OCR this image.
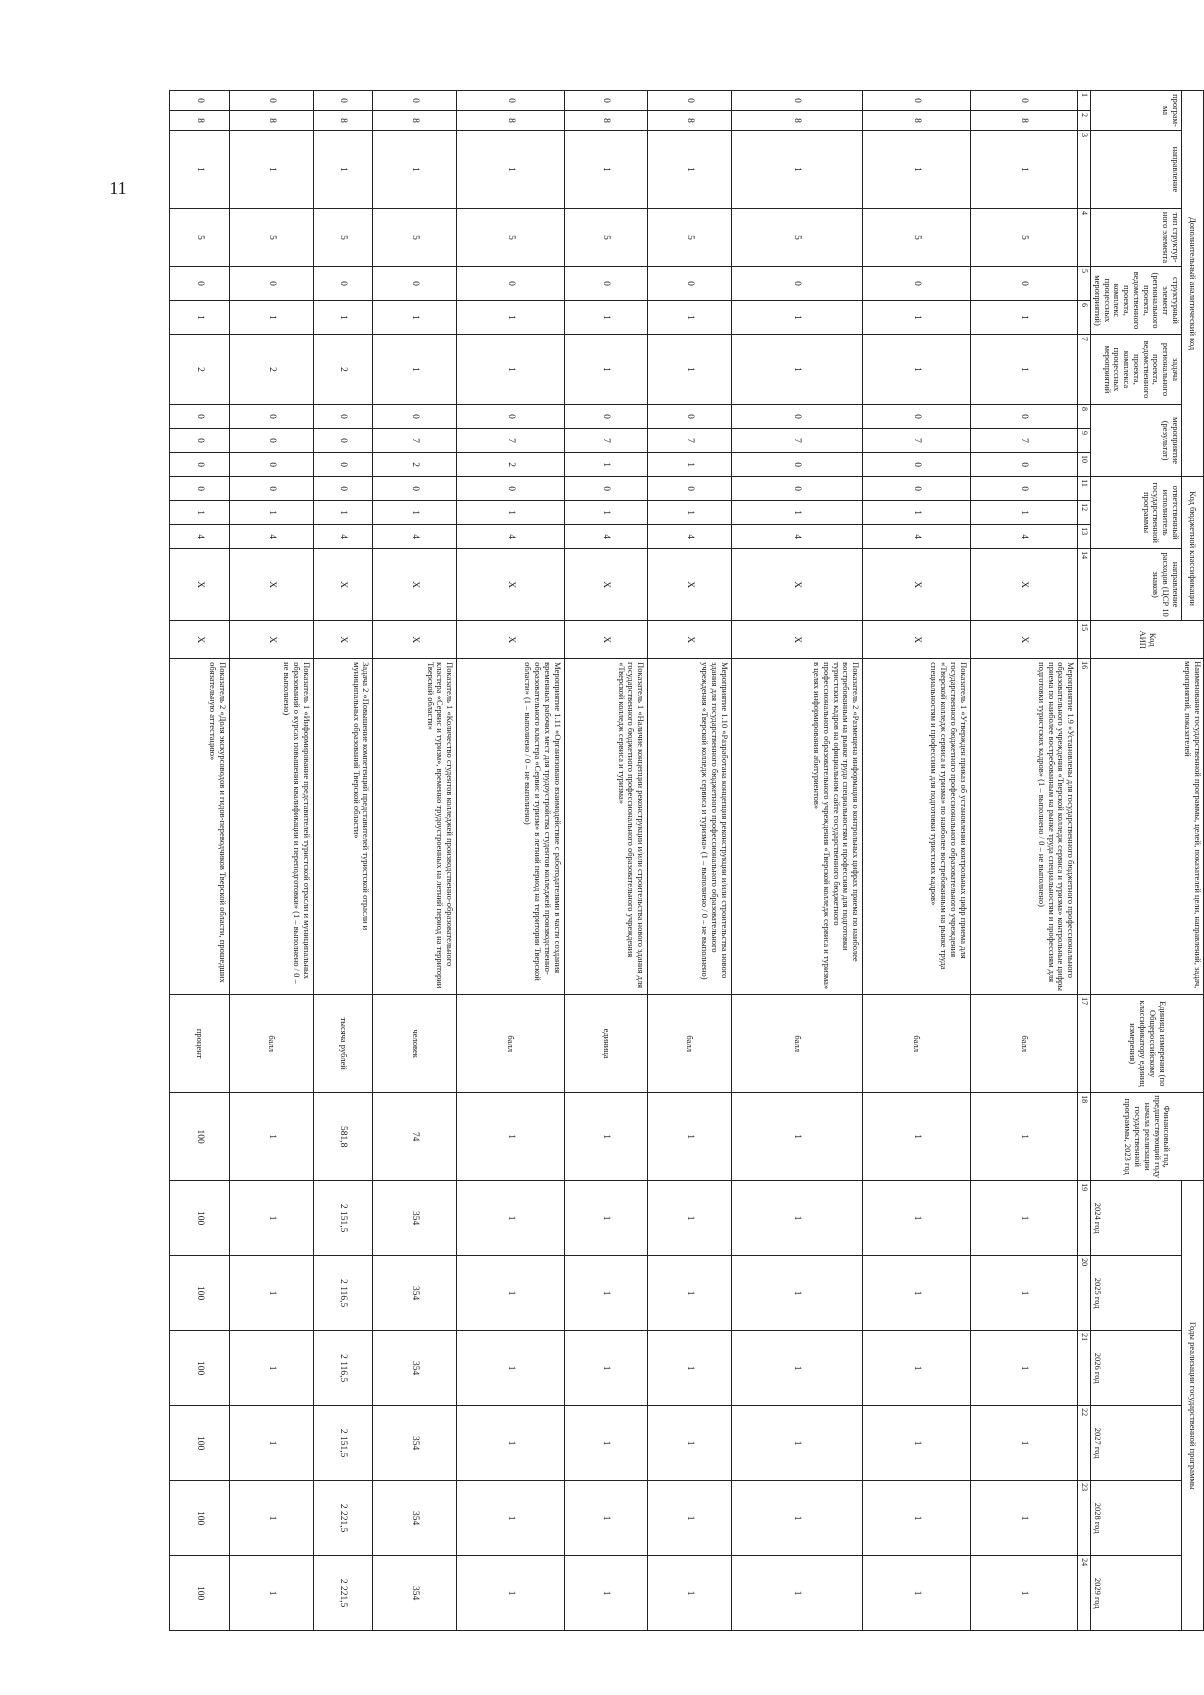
11
Дополнительный аналитический код										Код бюджетной классификации				Код АИП	Наименование государственной программы, целей, показателей цели, направлений, задач, мероприятий, показателей	Единица измерения (по Общероссийскому классификатору единиц измерения)	Финансовый год, предшествующий году начала реализации государственной программы, 2023 год	Годы реализации государственной программы					
програм-ма		направление	тип структур-ного элемента	структурный элемент (регионального проекта, ведомственного проекта, комплекс процессных мероприятий)		задача регионального проекта, ведомственного проекта, комплекса процессных мероприятий	мероприятие (результат)			ответственный исполнитель государственной программы			направление расходов (ЦСР 10 знаков)					2024 год	2025 год	2026 год	2027 год	2028 год	2029 год
1	2	3	4	5	6	7	8	9	10	11	12	13	14	15	16	17	18	19	20	21	22	23	24
0	8	1	5	0	1	1	0	7	0	0	1	4	X	X	Мероприятие 1.9 «Установлены для государственного бюджетного профессионального образовательного учреждения «Тверской колледж сервиса и туризма» контрольные цифры приема по наиболее востребованным на рынке труда специальностям и профессиям для подготовки туристских кадров» (1 – выполнено / 0 – не выполнено)	балл	1	1	1	1	1	1	1
0	8	1	5	0	1	1	0	7	0	0	1	4	X	X	Показатель 1 «Утвержден приказ об установлении контрольных цифр приема для государственного бюджетного профессионального образовательного учреждения «Тверской колледж сервиса и туризма» по наиболее востребованным на рынке труда специальностям и профессиям для подготовки туристских кадров»	балл	1	1	1	1	1	1	1
0	8	1	5	0	1	1	0	7	0	0	1	4	X	X	Показатель 2 «Размещена информация о контрольных цифрах приема по наиболее востребованным на рынке труда специальностям и профессиям для подготовки туристских кадров на официальном сайте государственного бюджетного профессионального образовательного учреждения «Тверской колледж сервиса и туризма» в целях информирования абитуриентов»	балл	1	1	1	1	1	1	1
0	8	1	5	0	1	1	0	7	1	0	1	4	X	X	Мероприятие 1.10 «Разработана концепция реконструкции и/или строительства нового здания для государственного бюджетного профессионального образовательного учреждения «Тверской колледж сервиса и туризма» (1 – выполнено / 0 – не выполнено)	балл	1	1	1	1	1	1	1
0	8	1	5	0	1	1	0	7	1	0	1	4	X	X	Показатель 1 «Наличие концепции реконструкции и/или строительства нового здания для государственного бюджетного профессионального образовательного учреждения «Тверской колледж сервиса и туризма»	единица	1	1	1	1	1	1	1
0	8	1	5	0	1	1	0	7	2	0	1	4	X	X	Мероприятие 1.11 «Организовано взаимодействие с работодателями в части создания временных рабочих мест для трудоустройства студентов колледжей производственно-образовательного кластера «Сервис и туризм» в летний период на территории Тверской области» (1 – выполнено / 0 – не выполнено)	балл	1	1	1	1	1	1	1
0	8	1	5	0	1	1	0	7	2	0	1	4	X	X	Показатель 1 «Количество студентов колледжей производственно-образовательного кластера «Сервис и туризм», временно трудоустроенных на летний период на территории Тверской области»	человек	74	354	354	354	354	354	354
0	8	1	5	0	1	2	0	0	0	0	1	4	X	X	Задача 2 «Повышение компетенций представителей туристской отрасли и муниципальных образований Тверской области»	тысяча рублей	581,8	2 151,5	2 116,5	2 116,5	2 151,5	2 221,5	2 221,5
0	8	1	5	0	1	2	0	0	0	0	1	4	X	X	Показатель 1 «Информирование представителей туристской отрасли и муниципальных образований о курсах повышения квалификации и переподготовки» (1 – выполнено / 0 – не выполнено)	балл	1	1	1	1	1	1	1
0	8	1	5	0	1	2	0	0	0	0	1	4	X	X	Показатель 2 «Доля экскурсоводов и гидов-переводчиков Тверской области, прошедших обязательную аттестацию»	процент	100	100	100	100	100	100	100
